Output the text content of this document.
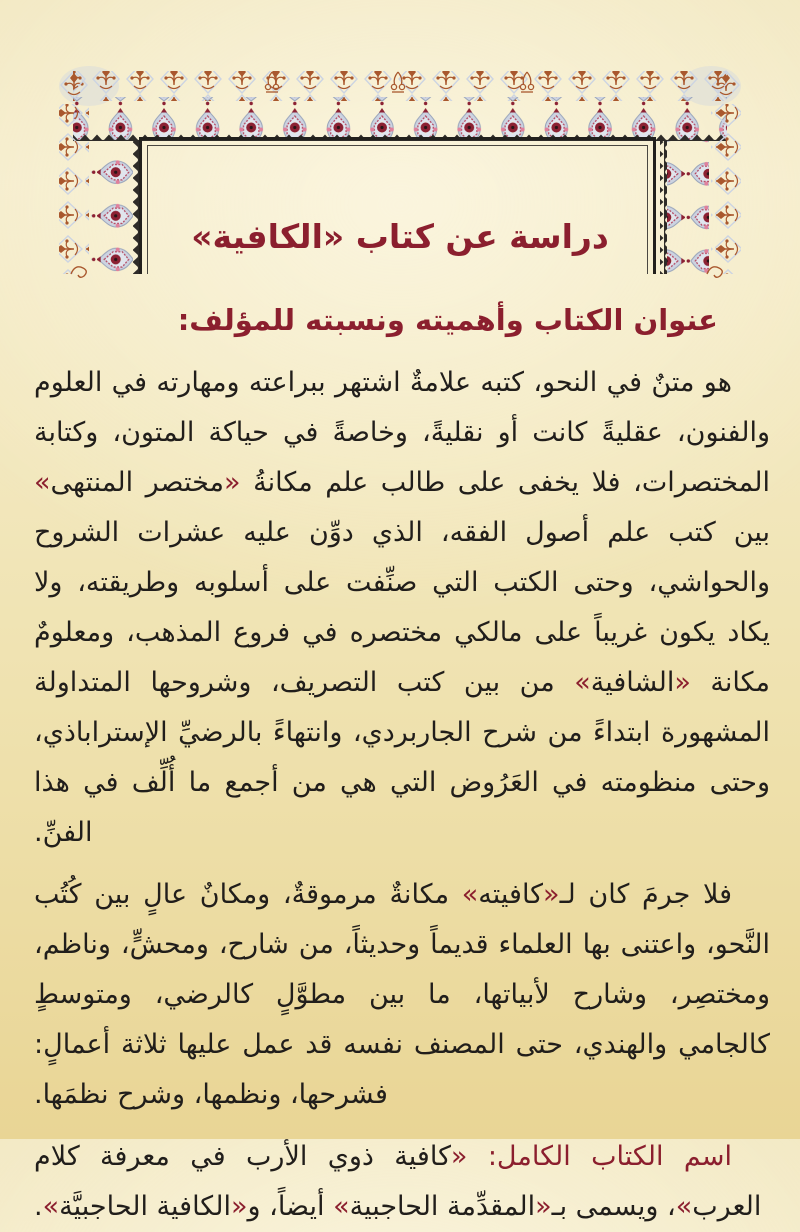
دراسة عن كتاب «الكافية»
عنوان الكتاب وأهميته ونسبته للمؤلف:

هو متنٌ في النحو، كتبه علامةٌ اشتهر ببراعته ومهارته في العلوم والفنون، عقليةً كانت أو نقليةً، وخاصةً في حياكة المتون، وكتابة المختصرات، فلا يخفى على طالب علم مكانةُ «مختصر المنتهى» بين كتب علم أصول الفقه، الذي دوِّن عليه عشرات الشروح والحواشي، وحتى الكتب التي صنِّفت على أسلوبه وطريقته، ولا يكاد يكون غريباً على مالكي مختصره في فروع المذهب، ومعلومٌ مكانة «الشافية» من بين كتب التصريف، وشروحها المتداولة المشهورة ابتداءً من شرح الجاربردي، وانتهاءً بالرضيِّ الإستراباذي، وحتى منظومته في العَرُوض التي هي من أجمع ما أُلِّف في هذا الفنِّ.

فلا جرمَ كان لـ«كافيته» مكانةٌ مرموقةٌ، ومكانٌ عالٍ بين كُتُب النَّحو، واعتنى بها العلماء قديماً وحديثاً، من شارح، ومحشٍّ، وناظم، ومختصِر، وشارح لأبياتها، ما بين مطوَّلٍ كالرضي، ومتوسطٍ كالجامي والهندي، حتى المصنف نفسه قد عمل عليها ثلاثة أعمالٍ: فشرحها، ونظمها، وشرح نظمَها.

اسم الكتاب الكامل: «كافية ذوي الأرب في معرفة كلام العرب»، ويسمى بـ«المقدِّمة الحاجبية» أيضاً، و«الكافية الحاجبيَّة».
